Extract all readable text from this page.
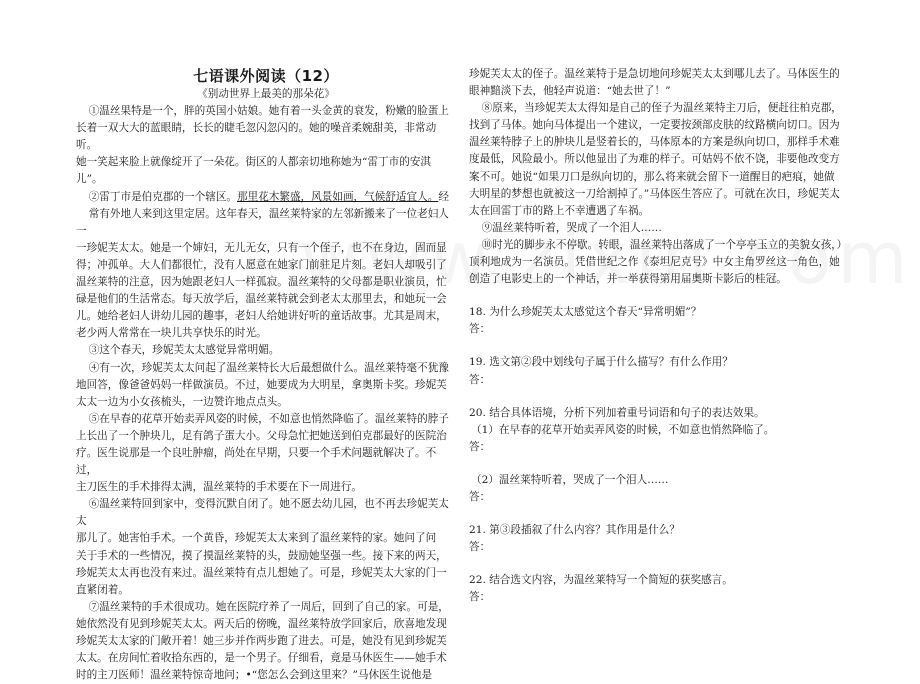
七语课外阅读（12）

《别动世界上最美的那朵花》

①温丝果特是一个，胖的英国小姑娘。她有着一头金黄的衰发，粉嫩的脸蛋上
长着一双大大的蓝眼睛，长长的睫毛忽闪忽闪的。她的噪音柔婉甜美，非常动听。
她一笑起来脸上就像绽开了一朵花。街区的人都亲切地称她为“雷丁市的安淇
儿”。
②雷丁市是伯克郡的一个辖区。那里花木繁盛，风景如画，气候舒适宜人。经
常有外地人来到这里定居。这年春天，温丝莱特家的左邻新搬来了一位老妇人一
一珍妮芙太太。她是一个婶妇，无儿无女，只有一个侄子，也不在身边，固而显
得；冲孤单。大人们都很忙，没有人愿意在她家门前驻足片刻。老妇人却吸引了
温丝莱特的注意，因为她跟老妇人一样孤寂。温丝莱特的父母都是职业演员，忙
碌是他们的生活常态。每天放学后，温丝莱特就会到老太太那里去，和她玩一会
儿。她给老妇人讲幼儿园的趣事，老妇人给她讲好听的童话故事。尤其是周末，
老少两人常常在一块儿共享快乐的时光。
③这个春天，珍妮芙太太感觉异常明媚。
④有一次，珍妮芙太太问起了温丝莱特长大后最想做什么。温丝莱特毫不犹豫
地回答，像爸爸妈妈一样做演员。不过，她要成为大明星，拿奥斯卡奖。珍妮芙
太太一边为小女孩梳头，一边赞许地点点头。
⑤在早春的花草开始卖弄风姿的时候，不如意也悄然降临了。温丝莱特的脖子
上长出了一个肿块儿，足有鸽子蛋大小。父母急忙把她送到伯克郡最好的医院治
疗。医生说那是一个良吐肿瘤，尚处在早期，只要一个手术问题就解决了。不过，
主刀医生的手术排得太满，温丝莱特的手术要在下一周进行。
⑥温丝莱特回到家中，变得沉默自闭了。她不愿去幼儿园，也不再去珍妮芙太太
那儿了。她害怕手术。一个黄昏，珍妮芙太太来到了温丝莱特的家。她问了问
关于手术的一些情况，摸了摸温丝莱特的头，鼓励她坚强一些。接下来的两天，
珍妮芙太太再也没有来过。温丝莱特有点儿想她了。可是，珍妮芙太大家的门一
直紧闭着。
⑦温丝莱特的手术很成功。她在医院疗养了一周后，回到了自己的家。可是，
她依然没有见到珍妮芙太太。两天后的傍晚，温丝莱特放学回家后，欣喜地发现
珍妮芙太太家的门敞开着！她三步并作两步跑了进去。可是，她没有见到珍妮芙
太太。在房间忙着收拾东西的，是一个男子。仔细看，竟是马休医生——她手术
时的主刀医师！温丝莱特惊奇地问；•“您怎么会到这里来？”马休医生说他是
珍妮芙太太的侄子。温丝莱特于是急切地问珍妮芙太太到哪儿去了。马体医生的
眼神黯淡下去，他轻声说道：“她去世了！”
⑧原来，当珍妮芙太太得知是自己的侄子为温丝莱特主刀后，便赶往柏克郡，
找到了马体。她向马体提出一个建议，一定要按颈部皮肤的纹路横向切口。因为
温丝莱特脖子上的肿块儿是竖着长的，马体原本的方案是纵向切口，那样手术难
度最低，风险最小。所以他显出了为难的样子。可姑妈不依不饶，非要他改变方
案不可。她说“如果刀口是纵向切的，那么将来就会留下一道醒目的疤痕，她做
大明星的梦想也就被这一刀给割掉了。”马体医生答应了。可就在次日，珍妮芙太
太在回雷丁市的路上不幸遭遇了车祸。
⑨温丝莱特听着，哭成了一个泪人……
⑩时光的脚步永不停歇。转眼，温丝莱特出落成了一个亭亭玉立的美貌女孩，）
顶利地成为一名演员。凭借世纪之作《泰坦尼克号》中女主角罗丝这一角色，她
创造了电影史上的一个神话，并一举获得第用届奥斯卡影后的桂冠。

18. 为什么珍妮芙太太感觉这个春天“异常明媚”？

答：

19. 选文第②段中划线句子属于什么描写？有什么作用？

答：

20. 结合具体语境，分析下列加着重号词语和句子的表达效果。

（1）在早春的花草开始卖弄风姿的时候，不如意也悄然降临了。

答：

（2）温丝莱特听着，哭成了一个泪人……

答：

21. 第③段插叙了什么内容？其作用是什么？

答：

22. 结合选文内容，为温丝莱特写一个简短的获奖感言。

答：
